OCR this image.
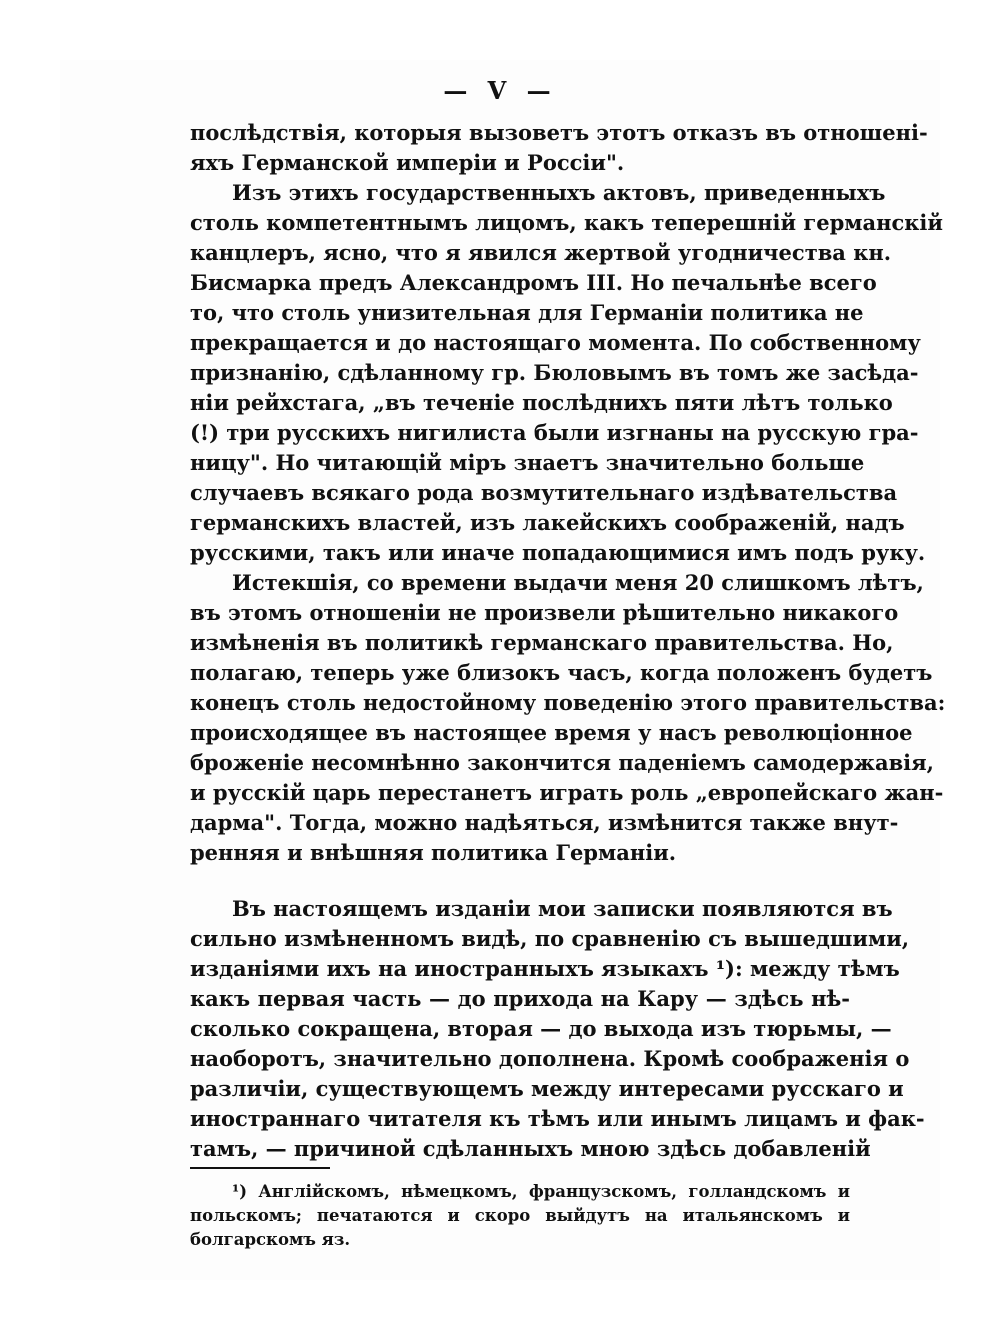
— V —
послѣдствія, которыя вызоветъ этотъ отказъ въ отношені-
яхъ Германской имперіи и Россіи".
Изъ этихъ государственныхъ актовъ, приведенныхъ
столь компетентнымъ лицомъ, какъ теперешній германскій
канцлеръ, ясно, что я явился жертвой угодничества кн.
Бисмарка предъ Александромъ III. Но печальнѣе всего
то, что столь унизительная для Германіи политика не
прекращается и до настоящаго момента. По собственному
признанію, сдѣланному гр. Бюловымъ въ томъ же засѣда-
ніи рейхстага, „въ теченіе послѣднихъ пяти лѣтъ только
(!) три русскихъ нигилиста были изгнаны на русскую гра-
ницу". Но читающій міръ знаетъ значительно больше
случаевъ всякаго рода возмутительнаго издѣвательства
германскихъ властей, изъ лакейскихъ соображеній, надъ
русскими, такъ или иначе попадающимися имъ подъ руку.
Истекшія, со времени выдачи меня 20 слишкомъ лѣтъ,
въ этомъ отношеніи не произвели рѣшительно никакого
измѣненія въ политикѣ германскаго правительства. Но,
полагаю, теперь уже близокъ часъ, когда положенъ будетъ
конецъ столь недостойному поведенію этого правительства:
происходящее въ настоящее время у насъ революціонное
броженіе несомнѣнно закончится паденіемъ самодержавія,
и русскій царь перестанетъ играть роль „европейскаго жан-
дарма". Тогда, можно надѣяться, измѣнится также внут-
ренняя и внѣшняя политика Германіи.
Въ настоящемъ изданіи мои записки появляются въ
сильно измѣненномъ видѣ, по сравненію съ вышедшими,
изданіями ихъ на иностранныхъ языкахъ ¹): между тѣмъ
какъ первая часть — до прихода на Кару — здѣсь нѣ-
сколько сокращена, вторая — до выхода изъ тюрьмы, —
наоборотъ, значительно дополнена. Кромѣ соображенія о
различіи, существующемъ между интересами русскаго и
иностраннаго читателя къ тѣмъ или инымъ лицамъ и фак-
тамъ, — причиной сдѣланныхъ мною здѣсь добавленій
¹) Англійскомъ, нѣмецкомъ, французскомъ, голландскомъ и
польскомъ; печатаются и скоро выйдутъ на итальянскомъ и
болгарскомъ яз.
